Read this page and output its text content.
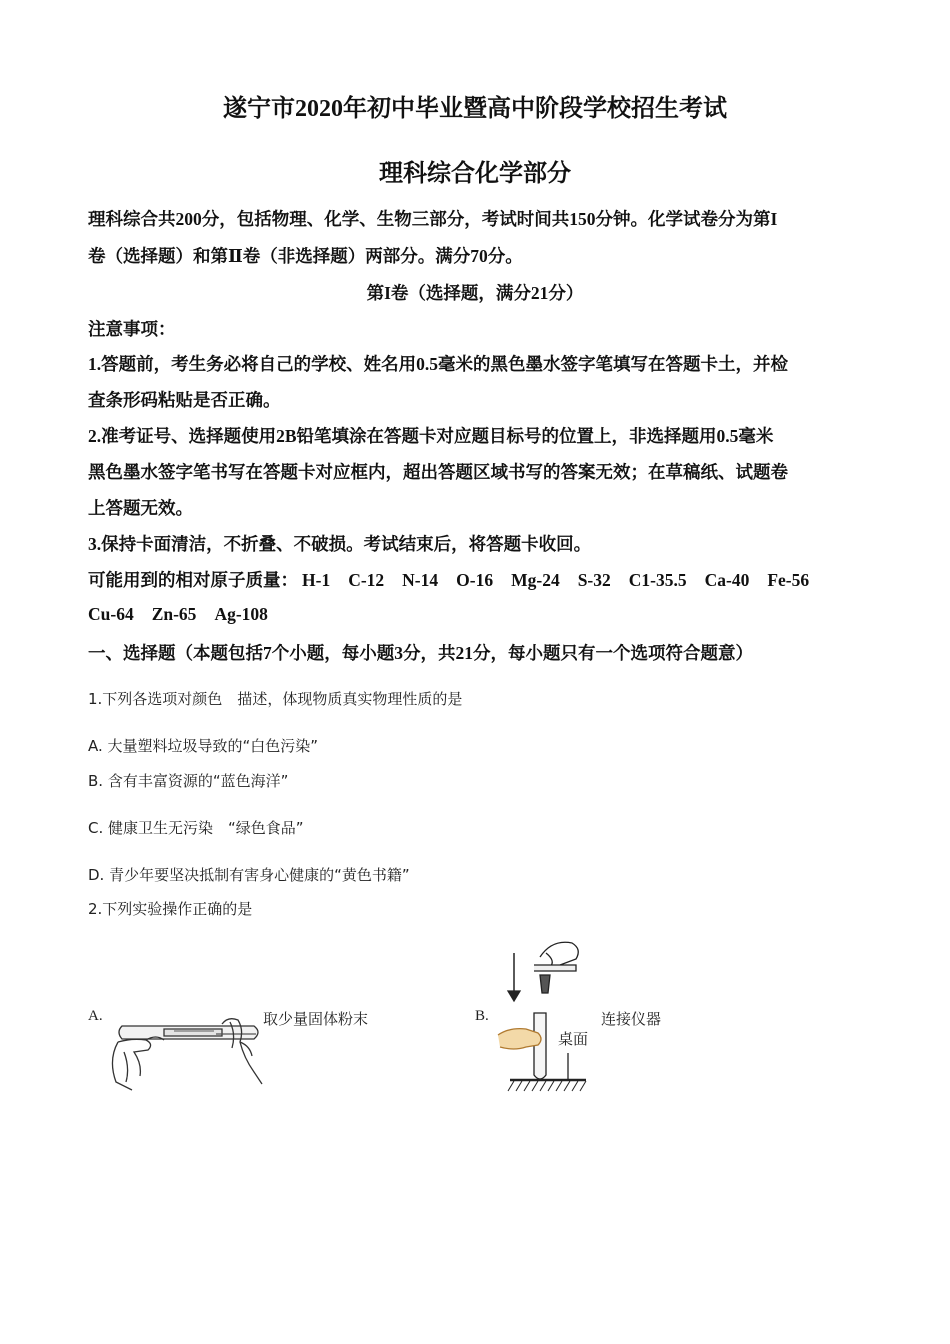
遂宁市2020年初中毕业暨高中阶段学校招生考试
理科综合化学部分
理科综合共200分，包括物理、化学、生物三部分，考试时间共150分钟。化学试卷分为第I
卷（选择题）和第Ⅱ卷（非选择题）两部分。满分70分。
第I卷（选择题，满分21分）
注意事项：
1.答题前，考生务必将自己的学校、姓名用0.5毫米的黑色墨水签字笔填写在答题卡土，并检
查条形码粘贴是否正确。
2.准考证号、选择题使用2B铅笔填涂在答题卡对应题目标号的位置上，非选择题用0.5毫米
黑色墨水签字笔书写在答题卡对应框内，超出答题区域书写的答案无效；在草稿纸、试题卷
上答题无效。
3.保持卡面清洁，不折叠、不破损。考试结束后，将答题卡收回。
可能用到的相对原子质量： H-1 C-12 N-14 O-16 Mg-24 S-32 C1-35.5 Ca-40 Fe-56
Cu-64 Zn-65 Ag-108
一、选择题（本题包括7个小题，每小题3分，共21分，每小题只有一个选项符合题意）
1.下列各选项对颜色　描述，体现物质真实物理性质的是
A. 大量塑料垃圾导致的“白色污染”
B. 含有丰富资源的“蓝色海洋”
C. 健康卫生无污染　“绿色食品”
D. 青少年要坚决抵制有害身心健康的“黄色书籍”
2.下列实验操作正确的是
A.	取少量固体粉末	B.	连接仪器
桌面
